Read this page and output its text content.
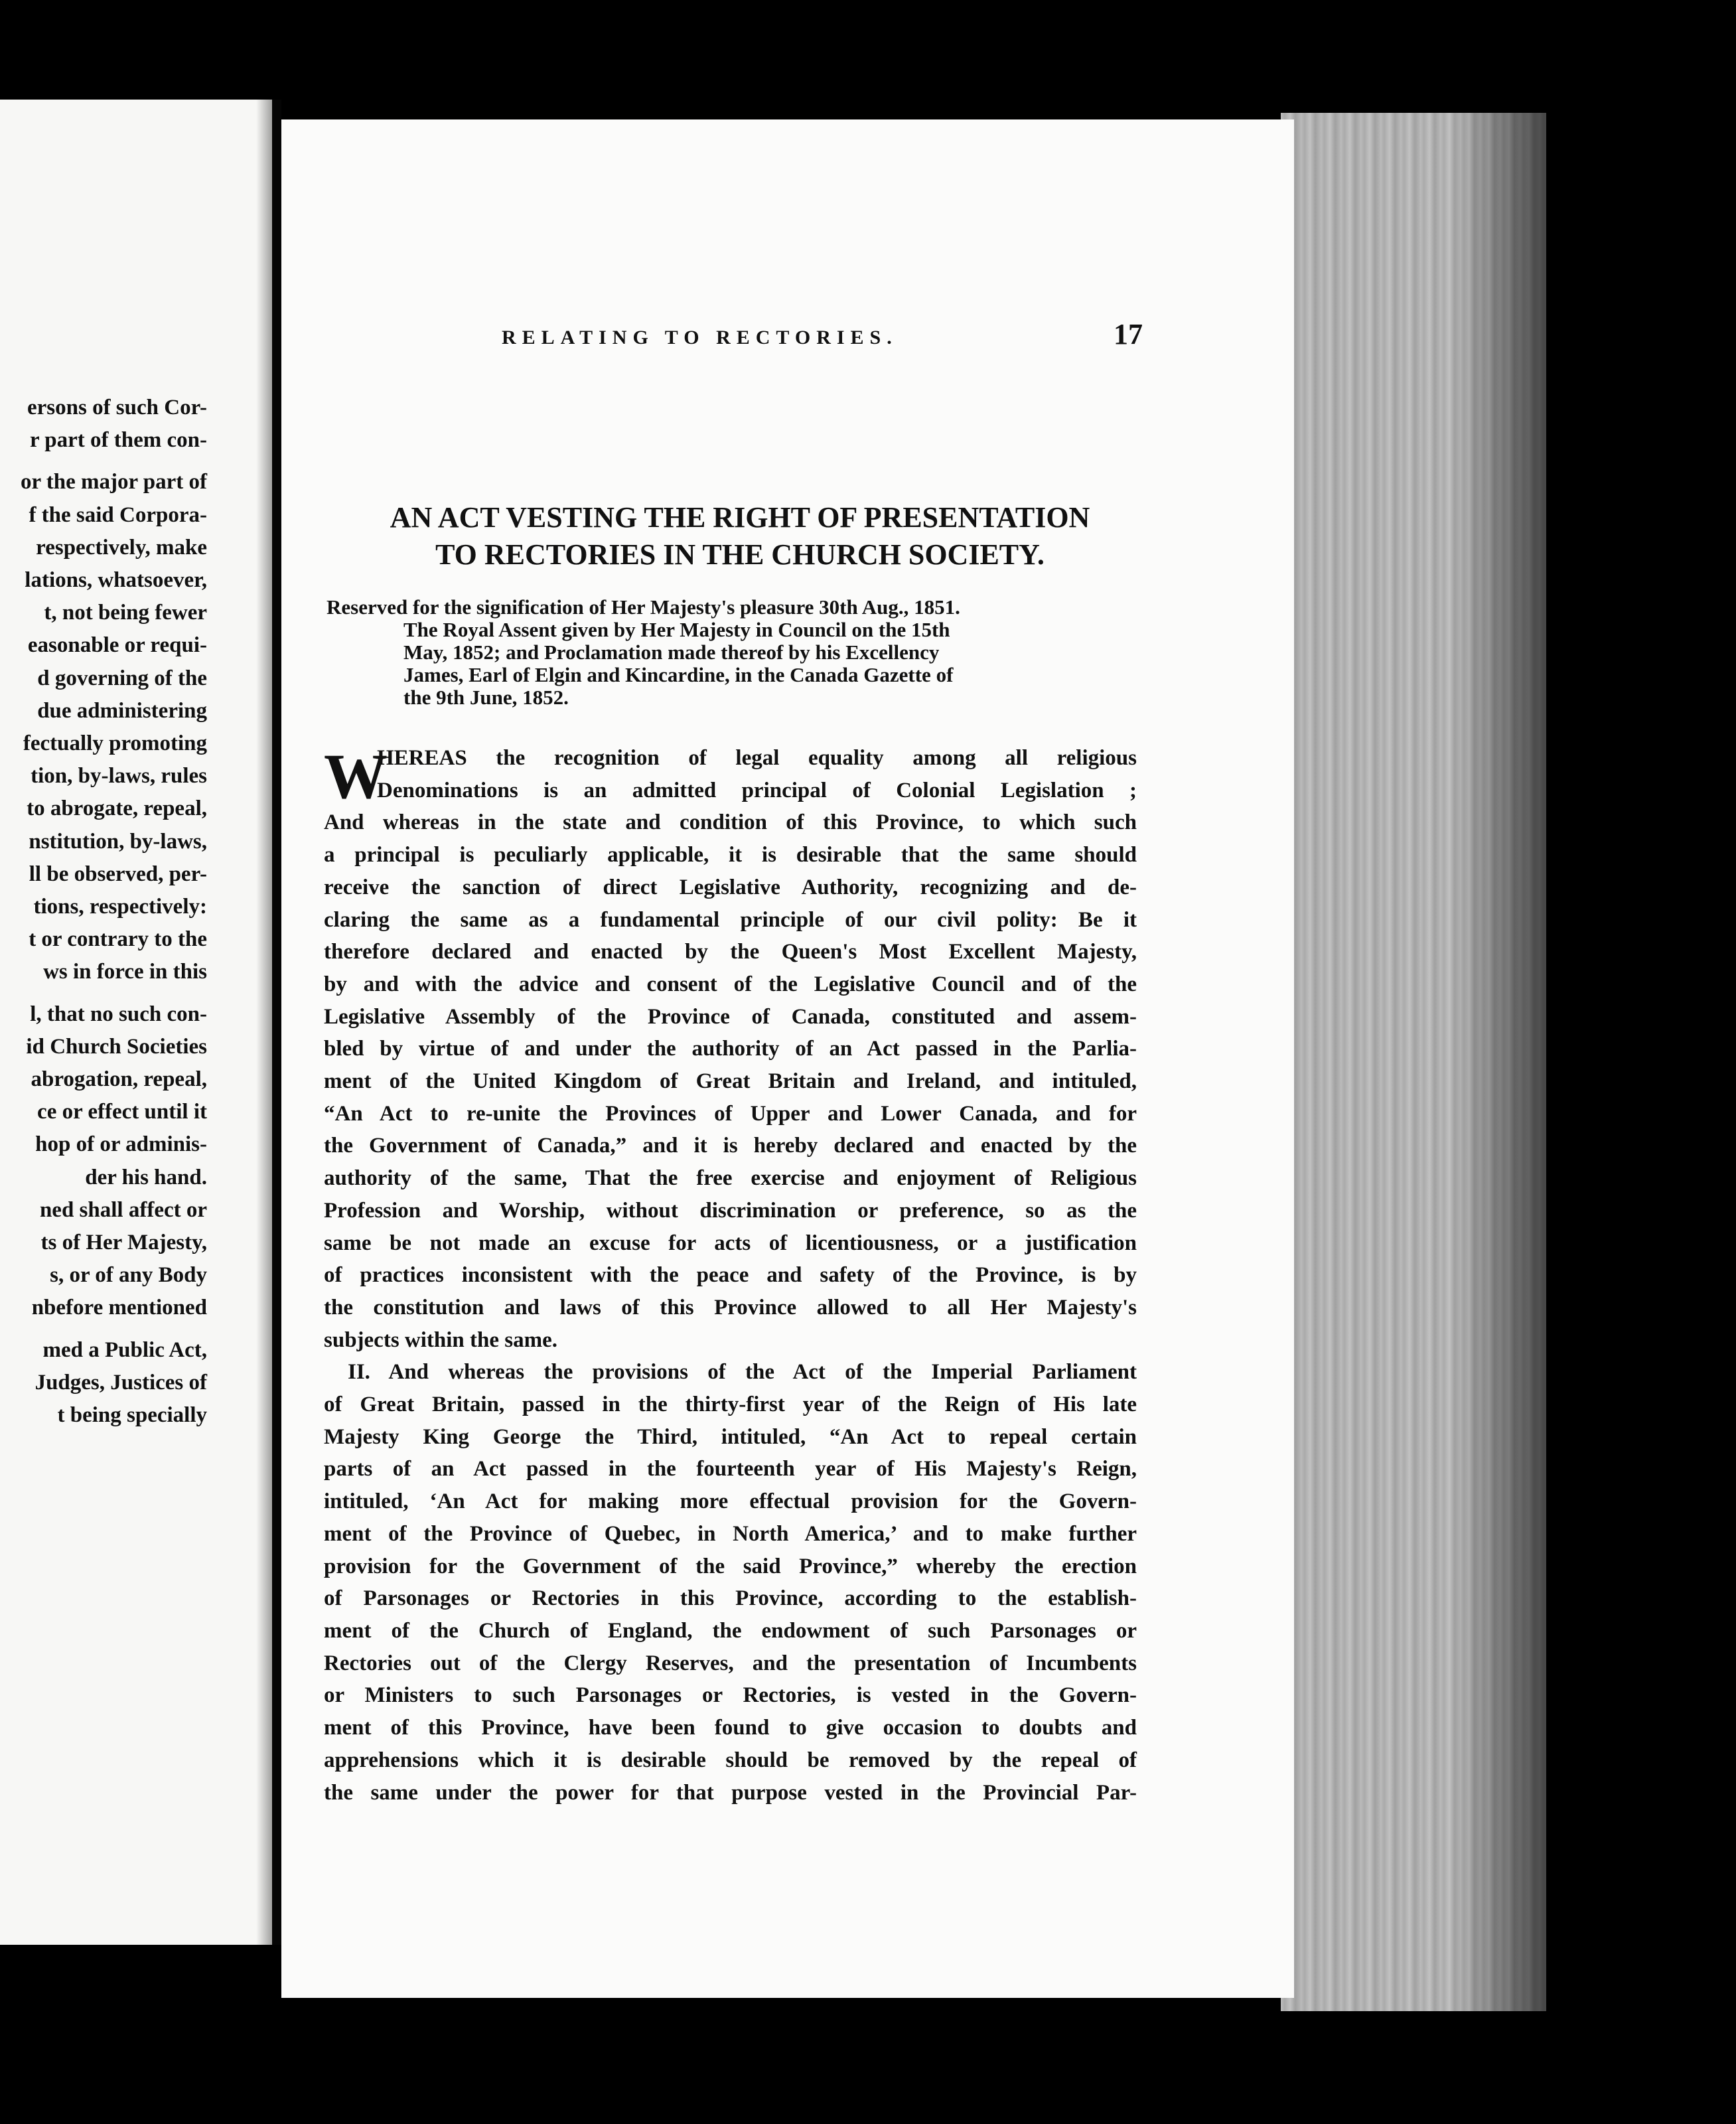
ersons of such Cor-
r part of them con-
or the major part of
f the said Corpora-
respectively, make
lations, whatsoever,
t, not being fewer
easonable or requi-
d governing of the
due administering
fectually promoting
tion, by-laws, rules
to abrogate, repeal,
nstitution, by-laws,
ll be observed, per-
tions, respectively:
t or contrary to the
ws in force in this
l, that no such con-
id Church Societies
abrogation, repeal,
ce or effect until it
hop of or adminis-
der his hand.
ned shall affect or
ts of Her Majesty,
s, or of any Body
nbefore mentioned
med a Public Act,
Judges, Justices of
t being specially
RELATING TO RECTORIES.	17
AN ACT VESTING THE RIGHT OF PRESENTATION
TO RECTORIES IN THE CHURCH SOCIETY.
Reserved for the signification of Her Majesty's pleasure 30th Aug., 1851.
The Royal Assent given by Her Majesty in Council on the 15th
May, 1852; and Proclamation made thereof by his Excellency
James, Earl of Elgin and Kincardine, in the Canada Gazette of
the 9th June, 1852.
W
HEREAS the recognition of legal equality among all religious
Denominations is an admitted principal of Colonial Legislation ;
And whereas in the state and condition of this Province, to which such
a principal is peculiarly applicable, it is desirable that the same should
receive the sanction of direct Legislative Authority, recognizing and de-
claring the same as a fundamental principle of our civil polity: Be it
therefore declared and enacted by the Queen's Most Excellent Majesty,
by and with the advice and consent of the Legislative Council and of the
Legislative Assembly of the Province of Canada, constituted and assem-
bled by virtue of and under the authority of an Act passed in the Parlia-
ment of the United Kingdom of Great Britain and Ireland, and intituled,
“An Act to re-unite the Provinces of Upper and Lower Canada, and for
the Government of Canada,” and it is hereby declared and enacted by the
authority of the same, That the free exercise and enjoyment of Religious
Profession and Worship, without discrimination or preference, so as the
same be not made an excuse for acts of licentiousness, or a justification
of practices inconsistent with the peace and safety of the Province, is by
the constitution and laws of this Province allowed to all Her Majesty's
subjects within the same.
II. And whereas the provisions of the Act of the Imperial Parliament
of Great Britain, passed in the thirty-first year of the Reign of His late
Majesty King George the Third, intituled, “An Act to repeal certain
parts of an Act passed in the fourteenth year of His Majesty's Reign,
intituled, ‘An Act for making more effectual provision for the Govern-
ment of the Province of Quebec, in North America,’ and to make further
provision for the Government of the said Province,” whereby the erection
of Parsonages or Rectories in this Province, according to the establish-
ment of the Church of England, the endowment of such Parsonages or
Rectories out of the Clergy Reserves, and the presentation of Incumbents
or Ministers to such Parsonages or Rectories, is vested in the Govern-
ment of this Province, have been found to give occasion to doubts and
apprehensions which it is desirable should be removed by the repeal of
the same under the power for that purpose vested in the Provincial Par-
